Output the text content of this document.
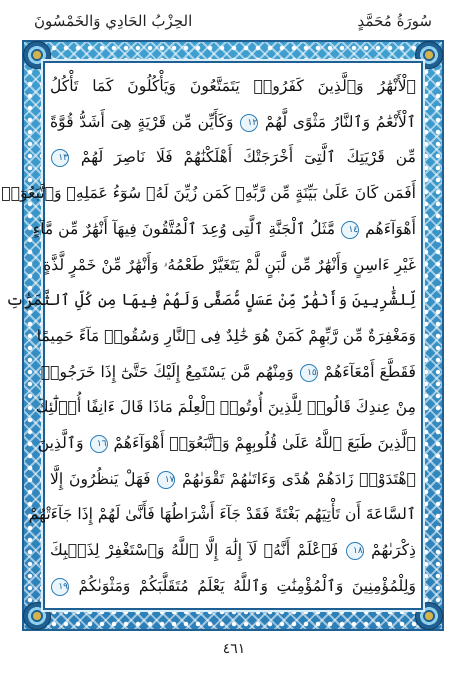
سُورَةُ مُحَمَّدٍ
الحِزْبُ الحَادِي وَالخَمْسُونَ
ٱلْأَنْهَٰرُ وَٱلَّذِينَ كَفَرُوا۟ يَتَمَتَّعُونَ وَيَأْكُلُونَ كَمَا تَأْكُلُ
ٱلْأَنْعَٰمُ وَٱلنَّارُ مَثْوًى لَّهُمْ ١٢ وَكَأَيِّن مِّن قَرْيَةٍ هِىَ أَشَدُّ قُوَّةً
مِّن قَرْيَتِكَ ٱلَّتِىٓ أَخْرَجَتْكَ أَهْلَكْنَٰهُمْ فَلَا نَاصِرَ لَهُمْ ١٣
أَفَمَن كَانَ عَلَىٰ بَيِّنَةٍ مِّن رَّبِّهِۦ كَمَن زُيِّنَ لَهُۥ سُوٓءُ عَمَلِهِۦ وَٱتَّبَعُوٓا۟
أَهْوَآءَهُم ١٤ مَّثَلُ ٱلْجَنَّةِ ٱلَّتِى وُعِدَ ٱلْمُتَّقُونَ فِيهَآ أَنْهَٰرٌ مِّن مَّآءٍ
غَيْرِ ءَاسِنٍ وَأَنْهَٰرٌ مِّن لَّبَنٍ لَّمْ يَتَغَيَّرْ طَعْمُهُۥ وَأَنْهَٰرٌ مِّنْ خَمْرٍ لَّذَّةٍ
لِّلشَّٰرِبِينَ وَأَنْهَٰرٌ مِّنْ عَسَلٍ مُّصَفًّى وَلَهُمْ فِيهَا مِن كُلِّ ٱلثَّمَرَٰتِ
وَمَغْفِرَةٌ مِّن رَّبِّهِمْ كَمَنْ هُوَ خَٰلِدٌ فِى ٱلنَّارِ وَسُقُوا۟ مَآءً حَمِيمًا
فَقَطَّعَ أَمْعَآءَهُمْ ١٥ وَمِنْهُم مَّن يَسْتَمِعُ إِلَيْكَ حَتَّىٰٓ إِذَا خَرَجُوا۟
مِنْ عِندِكَ قَالُوا۟ لِلَّذِينَ أُوتُوا۟ ٱلْعِلْمَ مَاذَا قَالَ ءَانِفًا أُو۟لَٰٓئِكَ
ٱلَّذِينَ طَبَعَ ٱللَّهُ عَلَىٰ قُلُوبِهِمْ وَٱتَّبَعُوٓا۟ أَهْوَآءَهُمْ ١٦ وَٱلَّذِينَ
ٱهْتَدَوْا۟ زَادَهُمْ هُدًى وَءَاتَىٰهُمْ تَقْوَىٰهُمْ ١٧ فَهَلْ يَنظُرُونَ إِلَّا
ٱلسَّاعَةَ أَن تَأْتِيَهُم بَغْتَةً فَقَدْ جَآءَ أَشْرَاطُهَا فَأَنَّىٰ لَهُمْ إِذَا جَآءَتْهُمْ
ذِكْرَىٰهُمْ ١٨ فَٱعْلَمْ أَنَّهُۥ لَآ إِلَٰهَ إِلَّا ٱللَّهُ وَٱسْتَغْفِرْ لِذَنۢبِكَ
وَلِلْمُؤْمِنِينَ وَٱلْمُؤْمِنَٰتِ وَٱللَّهُ يَعْلَمُ مُتَقَلَّبَكُمْ وَمَثْوَىٰكُمْ ١٩
٤٦١
